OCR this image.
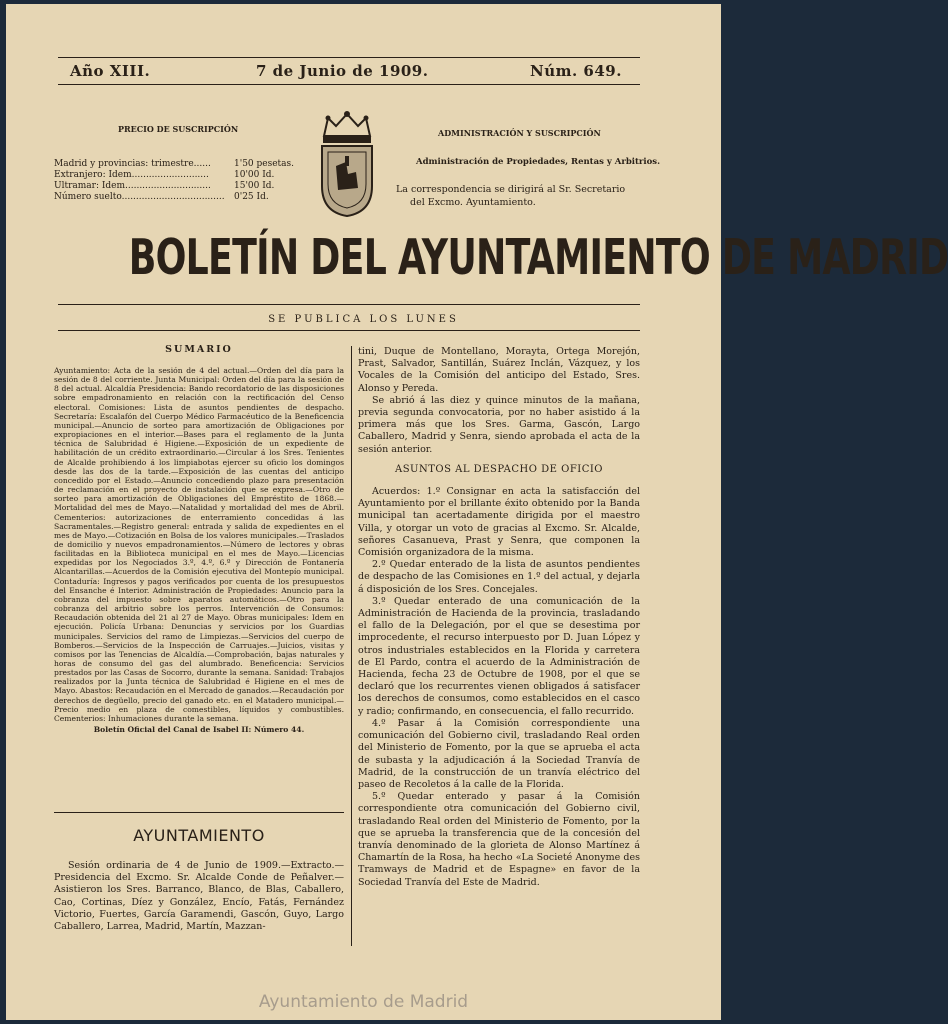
Año XIII.	7 de Junio de 1909.	Núm. 649.
PRECIO DE SUSCRIPCIÓN
Madrid y provincias: trimestre......
Extranjero: Idem...........................
Ultramar: Idem..............................
Número suelto....................................
1'50 pesetas.
10'00 Id.
15'00 Id.
0'25 Id.
ADMINISTRACIÓN Y SUSCRIPCIÓN
Administración de Propiedades, Rentas y Arbitrios.
La correspondencia se dirigirá al Sr. Secretario
del Excmo. Ayuntamiento.
BOLETÍN DEL AYUNTAMIENTO DE MADRID
SE PUBLICA LOS LUNES
SUMARIO

Ayuntamiento: Acta de la sesión de 4 del actual.—Orden del día para la sesión de 8 del corriente. Junta Municipal: Orden del día para la sesión de 8 del actual. Alcaldía Presidencia: Bando recordatorio de las disposiciones sobre empadronamiento en relación con la rectificación del Censo electoral. Comisiones: Lista de asuntos pendientes de despacho. Secretaría: Escalafón del Cuerpo Médico Farmacéutico de la Beneficencia municipal.—Anuncio de sorteo para amortización de Obligaciones por expropiaciones en el interior.—Bases para el reglamento de la Junta técnica de Salubridad é Higiene.—Exposición de un expediente de habilitación de un crédito extraordinario.—Circular á los Sres. Tenientes de Alcalde prohibiendo á los limpiabotas ejercer su oficio los domingos desde las dos de la tarde.—Exposición de las cuentas del anticipo concedido por el Estado.—Anuncio concediendo plazo para presentación de reclamación en el proyecto de instalación que se expresa.—Otro de sorteo para amortización de Obligaciones del Empréstito de 1868.—Mortalidad del mes de Mayo.—Natalidad y mortalidad del mes de Abril. Cementerios: autorizaciones de enterramiento concedidas á las Sacramentales.—Registro general: entrada y salida de expedientes en el mes de Mayo.—Cotización en Bolsa de los valores municipales.—Traslados de domicilio y nuevos empadronamientos.—Número de lectores y obras facilitadas en la Biblioteca municipal en el mes de Mayo.—Licencias expedidas por los Negociados 3.º, 4.º, 6.º y Dirección de Fontanería Alcantarillas.—Acuerdos de la Comisión ejecutiva del Montepío municipal. Contaduría: Ingresos y pagos verificados por cuenta de los presupuestos del Ensanche é Interior. Administración de Propiedades: Anuncio para la cobranza del impuesto sobre aparatos automáticos.—Otro para la cobranza del arbitrio sobre los perros. Intervención de Consumos: Recaudación obtenida del 21 al 27 de Mayo. Obras municipales: Idem en ejecución. Policía Urbana: Denuncias y servicios por los Guardias municipales. Servicios del ramo de Limpiezas.—Servicios del cuerpo de Bomberos.—Servicios de la Inspección de Carruajes.—Juicios, visitas y comisos por las Tenencias de Alcaldía.—Comprobación, bajas naturales y horas de consumo del gas del alumbrado. Beneficencia: Servicios prestados por las Casas de Socorro, durante la semana. Sanidad: Trabajos realizados por la Junta técnica de Salubridad é Higiene en el mes de Mayo. Abastos: Recaudación en el Mercado de ganados.—Recaudación por derechos de degüello, precio del ganado etc. en el Matadero municipal.—Precio medio en plaza de comestibles, líquidos y combustibles. Cementerios: Inhumaciones durante la semana.

Boletín Oficial del Canal de Isabel II: Número 44.

AYUNTAMIENTO

Sesión ordinaria de 4 de Junio de 1909.—Extracto.—Presidencia del Excmo. Sr. Alcalde Conde de Peñalver.—Asistieron los Sres. Barranco, Blanco, de Blas, Caballero, Cao, Cortinas, Díez y González, Encío, Fatás, Fernández Victorio, Fuertes, García Garamendi, Gascón, Guyo, Largo Caballero, Larrea, Madrid, Martín, Mazzan-

tini, Duque de Montellano, Morayta, Ortega Morejón, Prast, Salvador, Santillán, Suárez Inclán, Vázquez, y los Vocales de la Comisión del anticipo del Estado, Sres. Alonso y Pereda.

Se abrió á las diez y quince minutos de la mañana, previa segunda convocatoria, por no haber asistido á la primera más que los Sres. Garma, Gascón, Largo Caballero, Madrid y Senra, siendo aprobada el acta de la sesión anterior.

ASUNTOS AL DESPACHO DE OFICIO

Acuerdos: 1.º Consignar en acta la satisfacción del Ayuntamiento por el brillante éxito obtenido por la Banda municipal tan acertadamente dirigida por el maestro Villa, y otorgar un voto de gracias al Excmo. Sr. Alcalde, señores Casanueva, Prast y Senra, que componen la Comisión organizadora de la misma.

2.º Quedar enterado de la lista de asuntos pendientes de despacho de las Comisiones en 1.º del actual, y dejarla á disposición de los Sres. Concejales.

3.º Quedar enterado de una comunicación de la Administración de Hacienda de la provincia, trasladando el fallo de la Delegación, por el que se desestima por improcedente, el recurso interpuesto por D. Juan López y otros industriales establecidos en la Florida y carretera de El Pardo, contra el acuerdo de la Administración de Hacienda, fecha 23 de Octubre de 1908, por el que se declaró que los recurrentes vienen obligados á satisfacer los derechos de consumos, como establecidos en el casco y radio; confirmando, en consecuencia, el fallo recurrido.

4.º Pasar á la Comisión correspondiente una comunicación del Gobierno civil, trasladando Real orden del Ministerio de Fomento, por la que se aprueba el acta de subasta y la adjudicación á la Sociedad Tranvía de Madrid, de la construcción de un tranvía eléctrico del paseo de Recoletos á la calle de la Florida.

5.º Quedar enterado y pasar á la Comisión correspondiente otra comunicación del Gobierno civil, trasladando Real orden del Ministerio de Fomento, por la que se aprueba la transferencia que de la concesión del tranvía denominado de la glorieta de Alonso Martínez á Chamartín de la Rosa, ha hecho «La Societé Anonyme des Tramways de Madrid et de Espagne» en favor de la Sociedad Tranvía del Este de Madrid.

Ayuntamiento de Madrid
